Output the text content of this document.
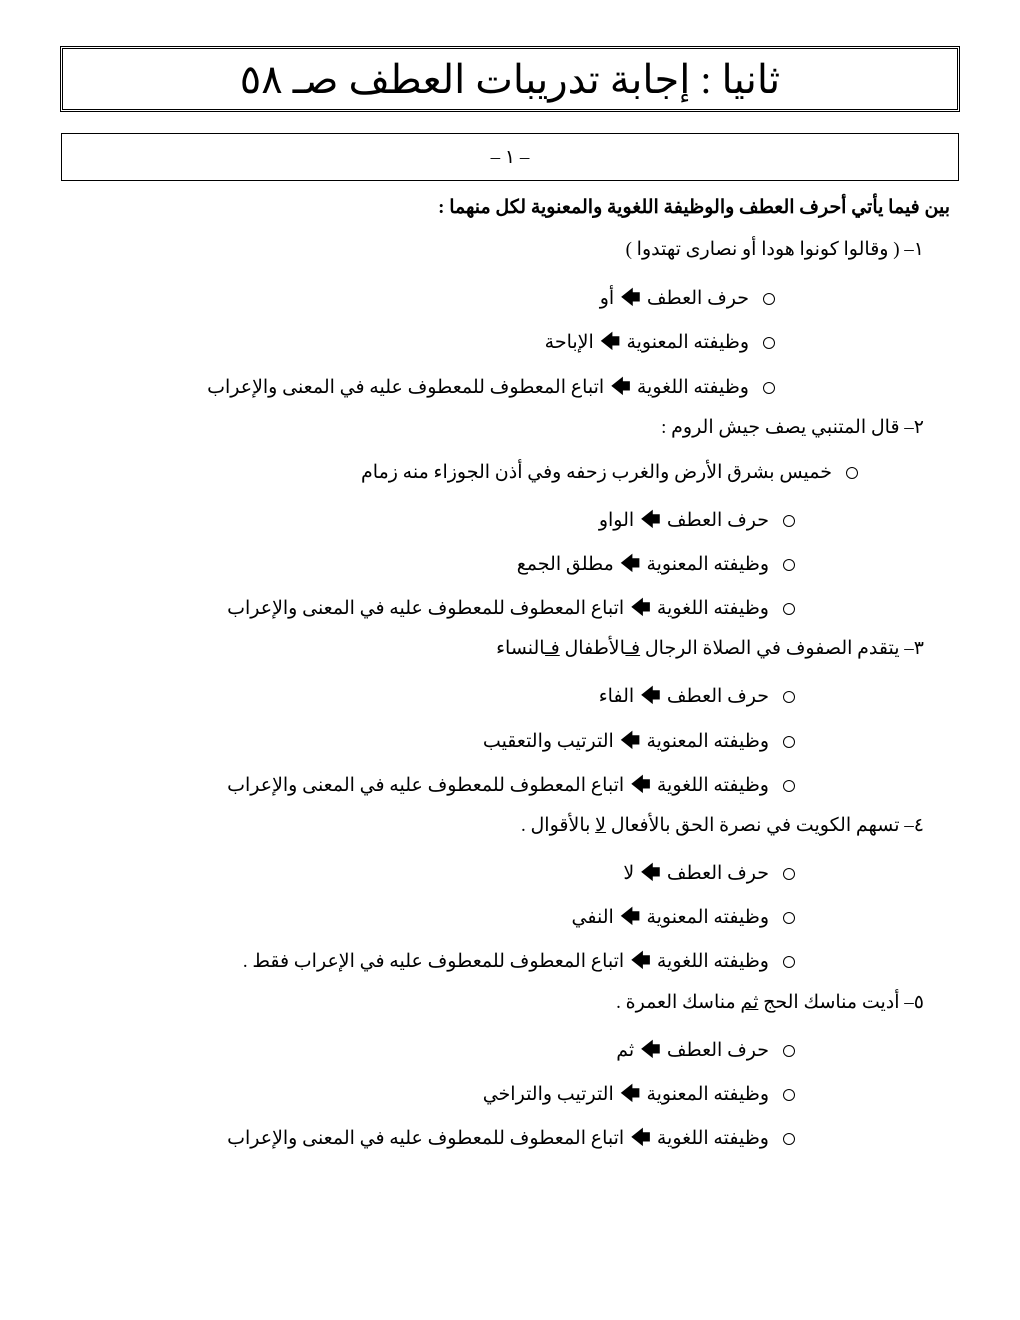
ثانيا : إجابة تدريبات العطف صـ ٥٨
– ١ –
بين فيما يأتي أحرف العطف والوظيفة اللغوية والمعنوية لكل منهما :
١– ( وقالوا كونوا هودا أو نصارى تهتدوا )
حرف العطف🡄أو
وظيفته المعنوية🡄الإباحة
وظيفته اللغوية🡄اتباع المعطوف للمعطوف عليه في المعنى والإعراب
٢– قال المتنبي يصف جيش الروم :
خميس بشرق الأرض والغرب زحفه وفي أذن الجوزاء منه زمام
حرف العطف🡄الواو
وظيفته المعنوية🡄مطلق الجمع
وظيفته اللغوية🡄اتباع المعطوف للمعطوف عليه في المعنى والإعراب
٣– يتقدم الصفوف في الصلاة الرجال فـالأطفال فـالنساء
حرف العطف🡄الفاء
وظيفته المعنوية🡄الترتيب والتعقيب
وظيفته اللغوية🡄اتباع المعطوف للمعطوف عليه في المعنى والإعراب
٤– تسهم الكويت في نصرة الحق بالأفعال لا بالأقوال .
حرف العطف🡄لا
وظيفته المعنوية🡄النفي
وظيفته اللغوية🡄اتباع المعطوف للمعطوف عليه في الإعراب فقط .
٥– أديت مناسك الحج ثم مناسك العمرة .
حرف العطف🡄ثم
وظيفته المعنوية🡄الترتيب والتراخي
وظيفته اللغوية🡄اتباع المعطوف للمعطوف عليه في المعنى والإعراب
